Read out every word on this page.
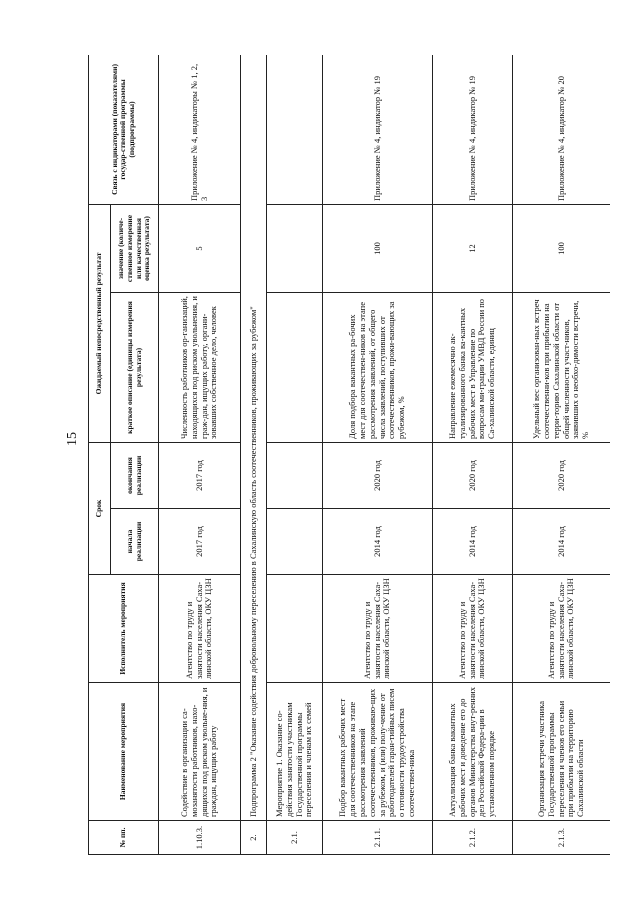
15
№ пп.	Наименование мероприятия	Исполнитель мероприятия	Срок		Ожидаемый непосредственный результат		Связь с индикаторами (показателями) государ-ственной программы (подпрограммы)
			начала реализации	окончания реализации	краткое описание (единицы измерения результата)	значение (количе-ственное измерение или качественная оценка результата)	
1.10.3.	Содействие в организации са-мозанятости работников, нахо-дящихся под риском увольне-ния, и граждан, ищущих работу	Агентство по труду и занятости населения Саха-линской области, ОКУ ЦЗН	2017 год	2017 год	Численность работников ор-ганизаций, находящихся под риском увольнения, и граж-дан, ищущих работу, органи-зовавших собственное дело, человек	5	Приложение № 4, индикаторы № 1, 2, 3
2.	Подпрограмма 2 "Оказание содействия добровольному переселению в Сахалинскую область соотечественников, проживающих за рубежом"						
2.1.	Мероприятие 1. Оказание со-действия занятости участникам Государственной программы переселения и членам их семей						
2.1.1.	Подбор вакантных рабочих мест для соотечественников на этапе рассмотрения заявлений соотечественников, проживаю-щих за рубежом, и (или) полу-чение от работодателей гаран-тийных писем о готовности трудоустройства соотечествен-ника	Агентство по труду и занятости населения Саха-линской области, ОКУ ЦЗН	2014 год	2020 год	Доля подбора вакантных ра-бочих мест для соотечествен-ников на этапе рассмотрения заявлений, от общего числа заявлений, поступивших от соотечественников, прожи-вающих за рубежом, %	100	Приложение № 4, индикатор № 19
2.1.2.	Актуализация банка вакантных рабочих мест и доведение его до органов Министерства внут-ренних дел Российской Федера-ции в установленном порядке	Агентство по труду и занятости населения Саха-линской области, ОКУ ЦЗН	2014 год	2020 год	Направление ежемесячно ак-туализированного банка ва-кантных рабочих мест в Управление по вопросам ми-грации УМВД России по Са-халинской области, единиц	12	Приложение № 4, индикатор № 19
2.1.3.	Организация встречи участника Государственной программы переселения и членов его семьи при прибытии на территорию Сахалинской области	Агентство по труду и занятости населения Саха-линской области, ОКУ ЦЗН	2014 год	2020 год	Удельный вес организован-ных встреч соотечественни-ков при прибытии на терри-торию Сахалинской области от общей численности участ-ников, заявивших о необхо-димости встречи, %	100	Приложение № 4, индикатор № 20
